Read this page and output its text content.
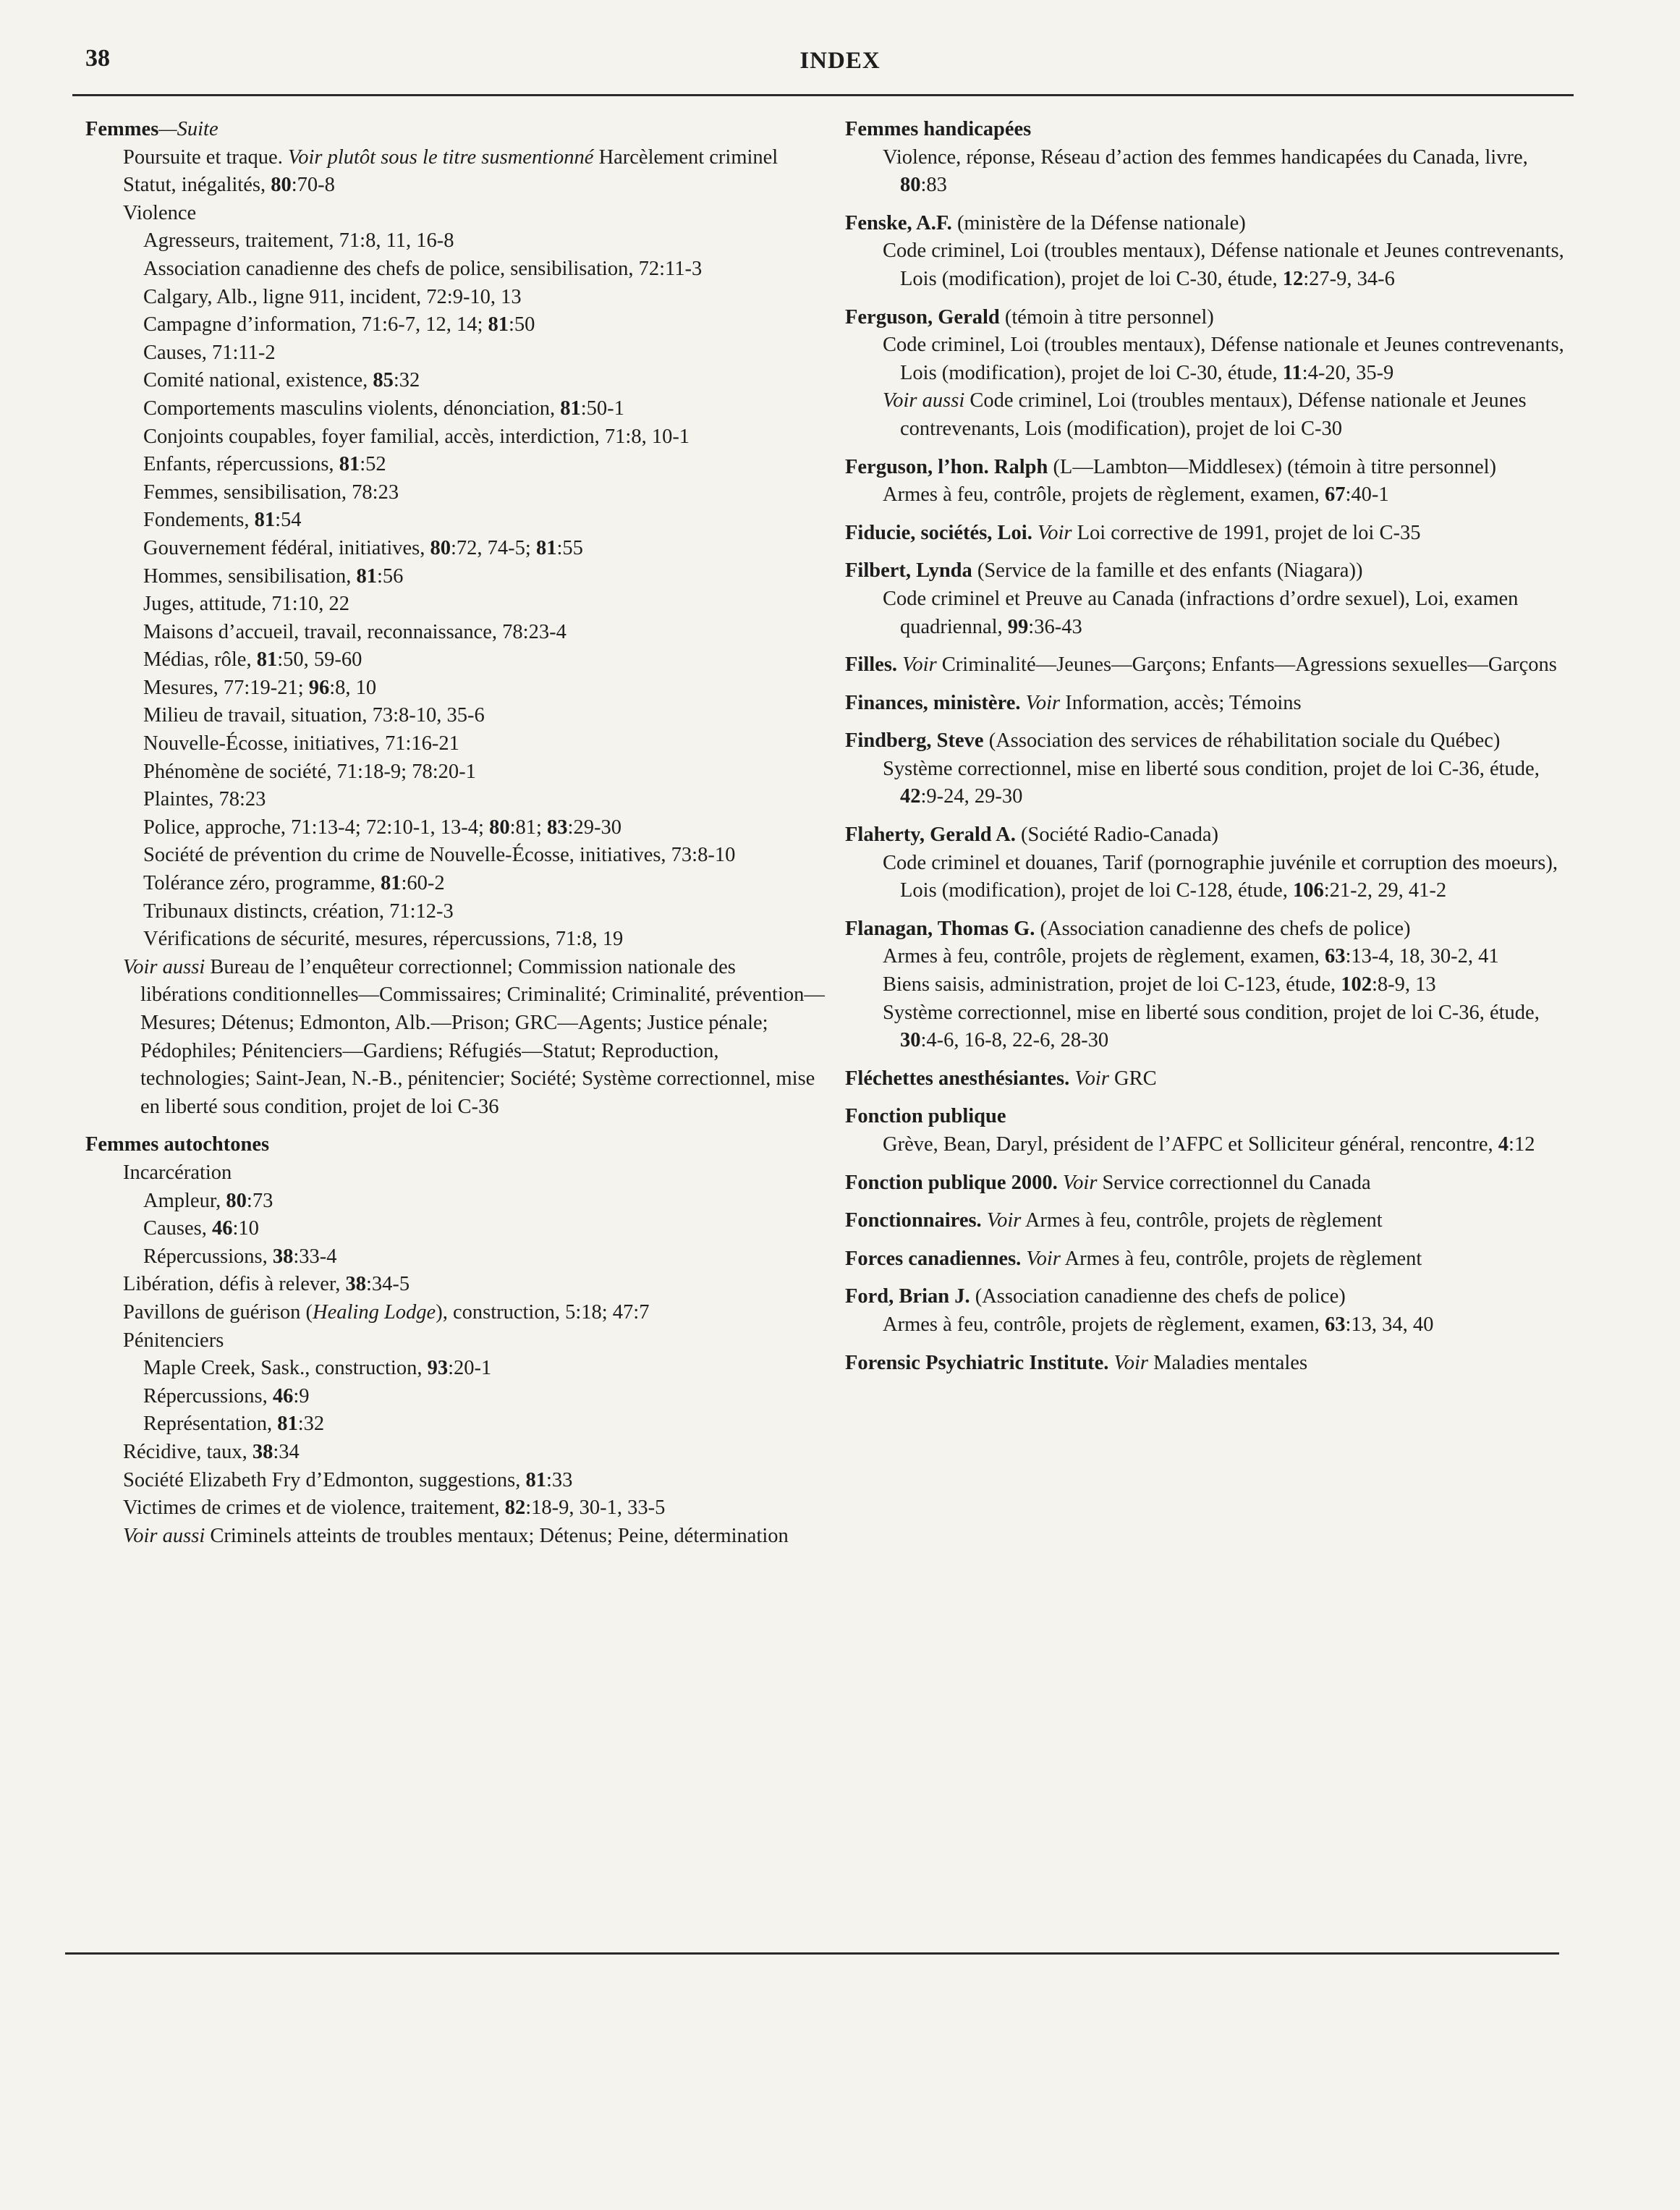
38	INDEX
Femmes—Suite
Poursuite et traque. Voir plutôt sous le titre susmentionné Harcèlement criminel
Statut, inégalités, 80:70-8
Violence
Agresseurs, traitement, 71:8, 11, 16-8
Association canadienne des chefs de police, sensibilisation, 72:11-3
Calgary, Alb., ligne 911, incident, 72:9-10, 13
Campagne d’information, 71:6-7, 12, 14; 81:50
Causes, 71:11-2
Comité national, existence, 85:32
Comportements masculins violents, dénonciation, 81:50-1
Conjoints coupables, foyer familial, accès, interdiction, 71:8, 10-1
Enfants, répercussions, 81:52
Femmes, sensibilisation, 78:23
Fondements, 81:54
Gouvernement fédéral, initiatives, 80:72, 74-5; 81:55
Hommes, sensibilisation, 81:56
Juges, attitude, 71:10, 22
Maisons d’accueil, travail, reconnaissance, 78:23-4
Médias, rôle, 81:50, 59-60
Mesures, 77:19-21; 96:8, 10
Milieu de travail, situation, 73:8-10, 35-6
Nouvelle-Écosse, initiatives, 71:16-21
Phénomène de société, 71:18-9; 78:20-1
Plaintes, 78:23
Police, approche, 71:13-4; 72:10-1, 13-4; 80:81; 83:29-30
Société de prévention du crime de Nouvelle-Écosse, initiatives, 73:8-10
Tolérance zéro, programme, 81:60-2
Tribunaux distincts, création, 71:12-3
Vérifications de sécurité, mesures, répercussions, 71:8, 19
Voir aussi Bureau de l’enquêteur correctionnel; Commission nationale des libérations conditionnelles—Commissaires; Criminalité; Criminalité, prévention—Mesures; Détenus; Edmonton, Alb.—Prison; GRC—Agents; Justice pénale; Pédophiles; Pénitenciers—Gardiens; Réfugiés—Statut; Reproduction, technologies; Saint-Jean, N.-B., pénitencier; Société; Système correctionnel, mise en liberté sous condition, projet de loi C-36
Femmes autochtones
Incarcération
Ampleur, 80:73
Causes, 46:10
Répercussions, 38:33-4
Libération, défis à relever, 38:34-5
Pavillons de guérison (Healing Lodge), construction, 5:18; 47:7
Pénitenciers
Maple Creek, Sask., construction, 93:20-1
Répercussions, 46:9
Représentation, 81:32
Récidive, taux, 38:34
Société Elizabeth Fry d’Edmonton, suggestions, 81:33
Victimes de crimes et de violence, traitement, 82:18-9, 30-1, 33-5
Voir aussi Criminels atteints de troubles mentaux; Détenus; Peine, détermination
Femmes handicapées
Violence, réponse, Réseau d’action des femmes handicapées du Canada, livre, 80:83
Fenske, A.F. (ministère de la Défense nationale)
Code criminel, Loi (troubles mentaux), Défense nationale et Jeunes contrevenants, Lois (modification), projet de loi C-30, étude, 12:27-9, 34-6
Ferguson, Gerald (témoin à titre personnel)
Code criminel, Loi (troubles mentaux), Défense nationale et Jeunes contrevenants, Lois (modification), projet de loi C-30, étude, 11:4-20, 35-9
Voir aussi Code criminel, Loi (troubles mentaux), Défense nationale et Jeunes contrevenants, Lois (modification), projet de loi C-30
Ferguson, l’hon. Ralph (L—Lambton—Middlesex) (témoin à titre personnel)
Armes à feu, contrôle, projets de règlement, examen, 67:40-1
Fiducie, sociétés, Loi. Voir Loi corrective de 1991, projet de loi C-35
Filbert, Lynda (Service de la famille et des enfants (Niagara))
Code criminel et Preuve au Canada (infractions d’ordre sexuel), Loi, examen quadriennal, 99:36-43
Filles. Voir Criminalité—Jeunes—Garçons; Enfants—Agressions sexuelles—Garçons
Finances, ministère. Voir Information, accès; Témoins
Findberg, Steve (Association des services de réhabilitation sociale du Québec)
Système correctionnel, mise en liberté sous condition, projet de loi C-36, étude, 42:9-24, 29-30
Flaherty, Gerald A. (Société Radio-Canada)
Code criminel et douanes, Tarif (pornographie juvénile et corruption des moeurs), Lois (modification), projet de loi C-128, étude, 106:21-2, 29, 41-2
Flanagan, Thomas G. (Association canadienne des chefs de police)
Armes à feu, contrôle, projets de règlement, examen, 63:13-4, 18, 30-2, 41
Biens saisis, administration, projet de loi C-123, étude, 102:8-9, 13
Système correctionnel, mise en liberté sous condition, projet de loi C-36, étude, 30:4-6, 16-8, 22-6, 28-30
Fléchettes anesthésiantes. Voir GRC
Fonction publique
Grève, Bean, Daryl, président de l’AFPC et Solliciteur général, rencontre, 4:12
Fonction publique 2000. Voir Service correctionnel du Canada
Fonctionnaires. Voir Armes à feu, contrôle, projets de règlement
Forces canadiennes. Voir Armes à feu, contrôle, projets de règlement
Ford, Brian J. (Association canadienne des chefs de police)
Armes à feu, contrôle, projets de règlement, examen, 63:13, 34, 40
Forensic Psychiatric Institute. Voir Maladies mentales
